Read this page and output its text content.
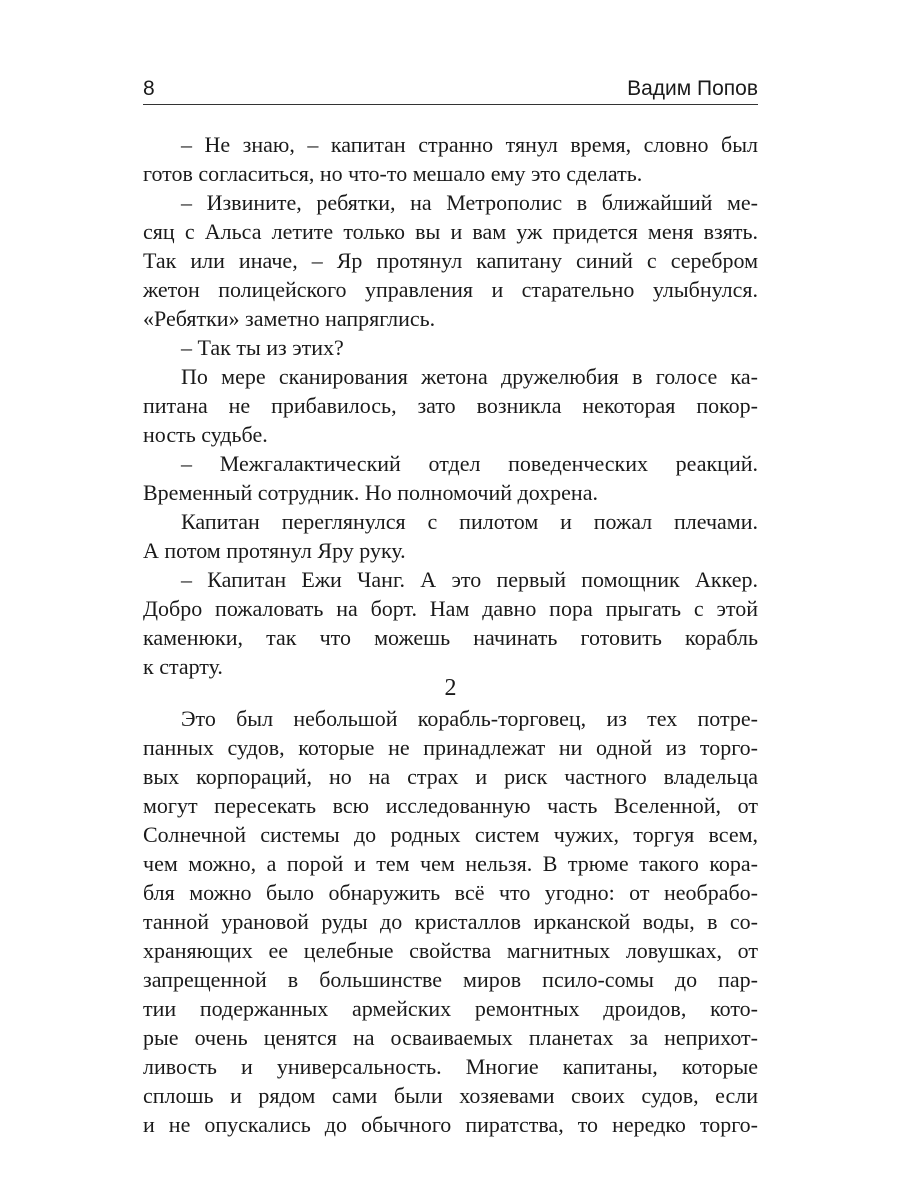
8	Вадим Попов

– Не знаю, – капитан странно тянул время, словно был
готов согласиться, но что-то мешало ему это сделать.

– Извините, ребятки, на Метрополис в ближайший ме-
сяц с Альса летите только вы и вам уж придется меня взять.
Так или иначе, – Яр протянул капитану синий с серебром
жетон полицейского управления и старательно улыбнулся.
«Ребятки» заметно напряглись.

– Так ты из этих?

По мере сканирования жетона дружелюбия в голосе ка-
питана не прибавилось, зато возникла некоторая покор-
ность судьбе.

– Межгалактический отдел поведенческих реакций.
Временный сотрудник. Но полномочий дохрена.

Капитан переглянулся с пилотом и пожал плечами.
А потом протянул Яру руку.

– Капитан Ежи Чанг. А это первый помощник Аккер.
Добро пожаловать на борт. Нам давно пора прыгать с этой
каменюки, так что можешь начинать готовить корабль
к старту.

2

Это был небольшой корабль-торговец, из тех потре-
панных судов, которые не принадлежат ни одной из торго-
вых корпораций, но на страх и риск частного владельца
могут пересекать всю исследованную часть Вселенной, от
Солнечной системы до родных систем чужих, торгуя всем,
чем можно, а порой и тем чем нельзя. В трюме такого кора-
бля можно было обнаружить всё что угодно: от необрабо-
танной урановой руды до кристаллов ирканской воды, в со-
храняющих ее целебные свойства магнитных ловушках, от
запрещенной в большинстве миров псило-сомы до пар-
тии подержанных армейских ремонтных дроидов, кото-
рые очень ценятся на осваиваемых планетах за неприхот-
ливость и универсальность. Многие капитаны, которые
сплошь и рядом сами были хозяевами своих судов, если
и не опускались до обычного пиратства, то нередко торго-
